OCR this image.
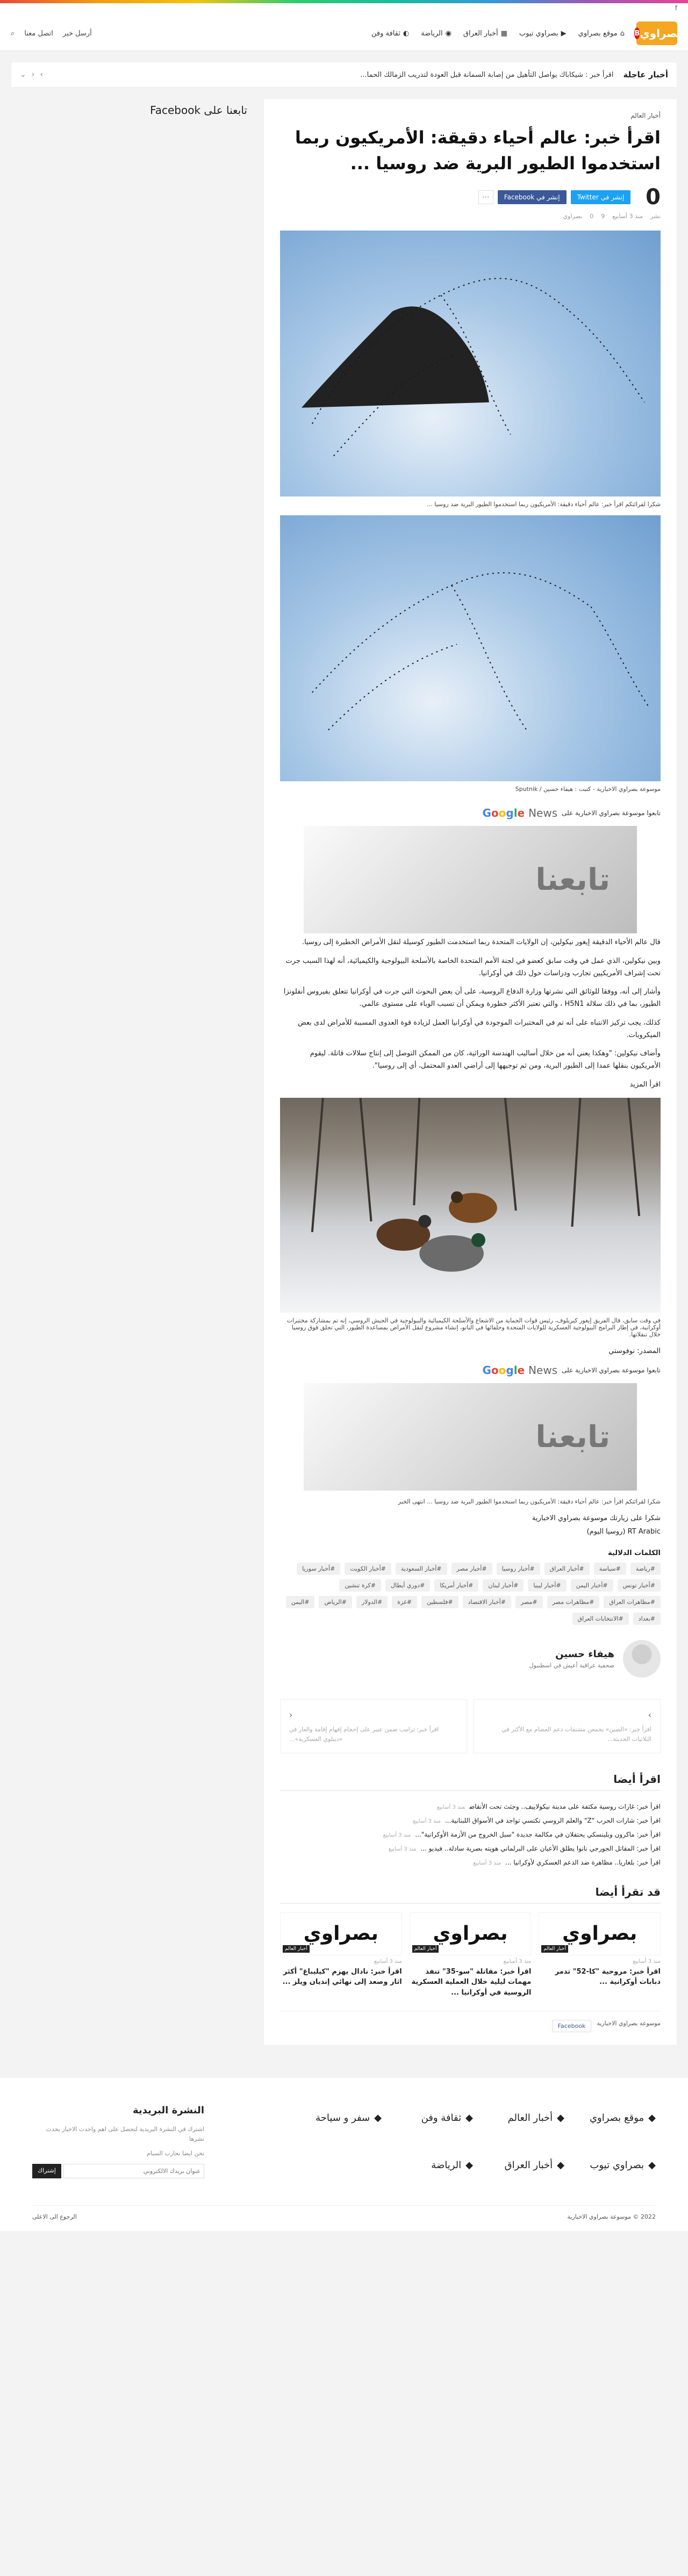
f
بصراوي
B
⌂
موقع بصراوي
▶
بصراوي تيوب
▦
أخبار العراق
◉
الرياضة
◐
ثقافة وفن
أرسل خبر
اتصل معنا
⌕
أخبار عاجلة
اقرأ خبر : شيكاباك يواصل التأهيل من إصابة السمانة قبل العودة لتدريب الزمالك الحما...
›
‹
⌄
أخبار العالم
اقرأ خبر: عالم أحياء دقيقة: الأمريكيون ربما استخدموا الطيور البرية ضد روسيا ...
0
إنشر في Twitter
إنشر في Facebook
⋯
نشر
منذ 3 أسابيع
9
0
بصراوي

شكرا لقرائتكم اقرأ خبر: عالم أحياء دقيقة: الأمريكيون ربما استخدموا الطيور البرية ضد روسيا ...

موسوعة بصراوي الاخبارية - كتبت : هيفاء حسين / Sputnik

تابعوا موسوعة بصراوي الاخبارية على
Google News
تابعنا

قال عالم الأحياء الدقيقة إيغور نيكولين، إن الولايات المتحدة ربما استخدمت الطيور كوسيلة لنقل الأمراض الخطيرة إلى روسيا.

وبين نيكولين، الذي عمل في وقت سابق كعضو في لجنة الأمم المتحدة الخاصة بالأسلحة البيولوجية والكيميائية، أنه لهذا السبب جرت تحت إشراف الأمريكيين تجارب ودراسات حول ذلك في أوكرانيا.

وأشار إلى أنه، ووفقا للوثائق التي نشرتها وزارة الدفاع الروسية، على أن بعض البحوث التي جرت في أوكرانيا تتعلق بفيروس أنفلونزا الطيور، بما في ذلك سلالة H5N1 ، والتي تعتبر الأكثر خطورة ويمكن أن تسبب الوباء على مستوى عالمي.

كذلك، يجب تركيز الانتباه على أنه تم في المختبرات الموجودة في أوكرانيا العمل لزيادة قوة العدوى المسببة للأمراض لدى بعض الميكروبات.

وأضاف نيكولين: "وهكذا يعني أنه من خلال أساليب الهندسة الوراثية، كان من الممكن التوصل إلى إنتاج سلالات قاتلة. ليقوم الأمريكيون بنقلها عمدا إلى الطيور البرية، ومن ثم توجيهها إلى أراضي العدو المحتمل، أي إلى روسيا".

اقرأ المزيد

في وقت سابق، قال الفريق إيغور كيريلوف، رئيس قوات الحماية من الاشعاع والأسلحة الكيميائية والبيولوجية في الجيش الروسي، إنه تم بمشاركة مختبرات أوكرانية، في إطار البرامج البيولوجية العسكرية للولايات المتحدة وحلفائها في الناتو، إنشاء مشروع لنقل الأمراض بمساعدة الطيور، التي تحلق فوق روسيا خلال تنقلاتها.

المصدر: نوفوستي

تابعوا موسوعة بصراوي الاخبارية على
Google News
تابعنا

شكرا لقرائتكم اقرأ خبر: عالم أحياء دقيقة: الأمريكيون ربما استخدموا الطيور البرية ضد روسيا ... انتهى الخبر

شكرا على زيارتك موسوعة بصراوي الاخبارية

RT Arabic (روسيا اليوم)

الكلمات الدلالية
#رياضة
#سياسة
#أخبار العراق
#أخبار روسيا
#أخبار مصر
#أخبار السعودية
#أخبار الكويت
#أخبار سوريا
#أخبار تونس
#أخبار اليمن
#أخبار ليبيا
#أخبار لبنان
#أخبار أمريكا
#دوري أبطال
#كرة تنشين
#مظاهرات العراق
#مظاهرات مصر
#مصر
#أخبار الاقتصاد
#فلسطين
#غزة
#الدولار
#الرياض
#اليمن
#بغداد
#الانتخابات العراق
هيفاء حسين
صحفية عراقية أعيش في اسطنبول
›
اقرأ خبر: «الصين» يجمعن مشتقات دعم العضام مع الأكثر في الثلاثيات الحديثة...
‹
اقرأ خبر: ترامب ضمن عبير على إحجام إفهام إقامة والعار في «ديبلوي العسكرية»...
اقرأ أيضا
اقرأ خبر: غارات روسية مكثفة على مدينة نيكولاييف.. وجثث تحت الأنقاضمنذ 3 أسابيع
اقرأ خبر: شارات الحرب "Z" والعلم الروسي تكتسي تواجد في الأسواق اللبنانية...منذ 3 أسابيع
اقرأ خبر: ماكرون وبلينسكي يحتفلان في مكالمة جديدة "سبل الخروج من الأزمة الأوكرانية"...منذ 3 أسابيع
اقرأ خبر: المقاتل الجورجي نانوا يطلق الأعيان على البرلماني هويته بصرية سادلة.. فيديو ...منذ 3 أسابيع
اقرأ خبر: بلغاريا.. مظاهرة ضد الدعم العسكري لأوكرانيا ...منذ 3 أسابيع
قد تقرأ أيضا
بصراوي
أخبار العالم
منذ 3 أسابيع
اقرأ خبر: مروحية "كا-52" تدمر دبابات أوكرانية ...
بصراوي
أخبار العالم
منذ 3 أسابيع
اقرأ خبر: مقاتلة "سو-35" تنفذ مهمات ليلية خلال العملية العسكرية الروسية في أوكرانيا ...
بصراوي
أخبار العالم
منذ 3 أسابيع
اقرأ خبر: نادال يهزم "كيليباغ" أكثر اثار وصعد إلى نهائي إنديان ويلز ...
موسوعة بصراوي الاخبارية
Facebook
تابعنا على Facebook
◆
موقع بصراوي
◆
أخبار العالم
◆
ثقافة وفن
◆
سفر و سياحة
◆
بصراوي تيوب
◆
أخبار العراق
◆
الرياضة
النشرة البريدية

اشترك في النشرة البريدية لتحصل على اهم واحدث الاخبار بحدث نشرها

نحن ايضا نحارب السبام

عنوان بريدك الالكتروني
إشتراك
2022 © موسوعة بصراوي الاخبارية
الرجوع الى الاعلى
